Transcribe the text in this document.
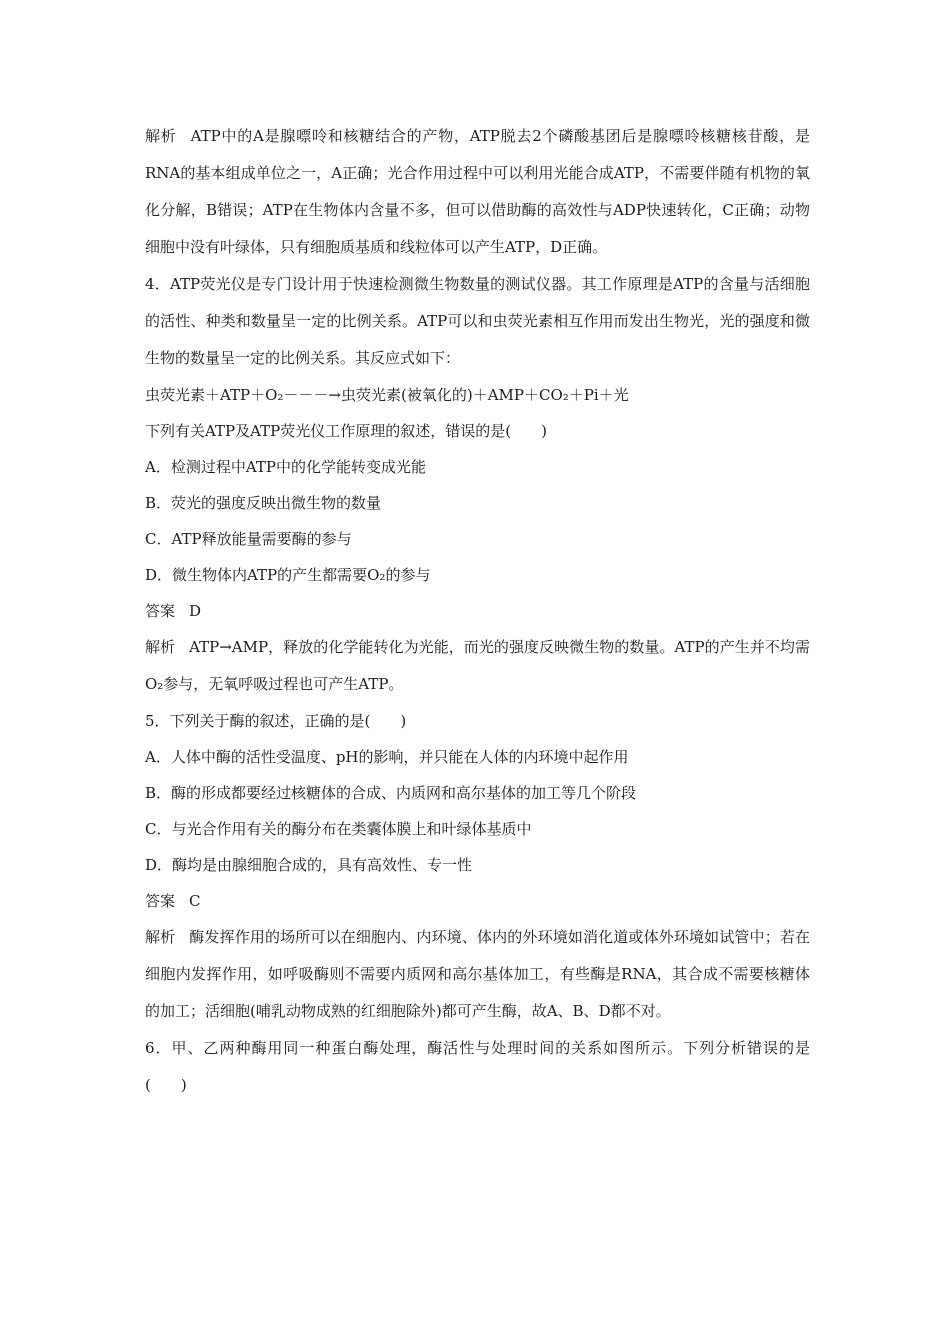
解析 ATP中的A是腺嘌呤和核糖结合的产物，ATP脱去2个磷酸基团后是腺嘌呤核糖核苷酸，是RNA的基本组成单位之一，A正确；光合作用过程中可以利用光能合成ATP，不需要伴随有机物的氧化分解，B错误；ATP在生物体内含量不多，但可以借助酶的高效性与ADP快速转化，C正确；动物细胞中没有叶绿体，只有细胞质基质和线粒体可以产生ATP，D正确。
4．ATP荧光仪是专门设计用于快速检测微生物数量的测试仪器。其工作原理是ATP的含量与活细胞的活性、种类和数量呈一定的比例关系。ATP可以和虫荧光素相互作用而发出生物光，光的强度和微生物的数量呈一定的比例关系。其反应式如下：
虫荧光素＋ATP＋O₂－－－→虫荧光素(被氧化的)＋AMP＋CO₂＋Pi＋光
下列有关ATP及ATP荧光仪工作原理的叙述，错误的是(　　)
A．检测过程中ATP中的化学能转变成光能
B．荧光的强度反映出微生物的数量
C．ATP释放能量需要酶的参与
D．微生物体内ATP的产生都需要O₂的参与
答案 D
解析 ATP→AMP，释放的化学能转化为光能，而光的强度反映微生物的数量。ATP的产生并不均需O₂参与，无氧呼吸过程也可产生ATP。
5．下列关于酶的叙述，正确的是(　　)
A．人体中酶的活性受温度、pH的影响，并只能在人体的内环境中起作用
B．酶的形成都要经过核糖体的合成、内质网和高尔基体的加工等几个阶段
C．与光合作用有关的酶分布在类囊体膜上和叶绿体基质中
D．酶均是由腺细胞合成的，具有高效性、专一性
答案 C
解析 酶发挥作用的场所可以在细胞内、内环境、体内的外环境如消化道或体外环境如试管中；若在细胞内发挥作用，如呼吸酶则不需要内质网和高尔基体加工，有些酶是RNA，其合成不需要核糖体的加工；活细胞(哺乳动物成熟的红细胞除外)都可产生酶，故A、B、D都不对。
6．甲、乙两种酶用同一种蛋白酶处理，酶活性与处理时间的关系如图所示。下列分析错误的是(　　)
